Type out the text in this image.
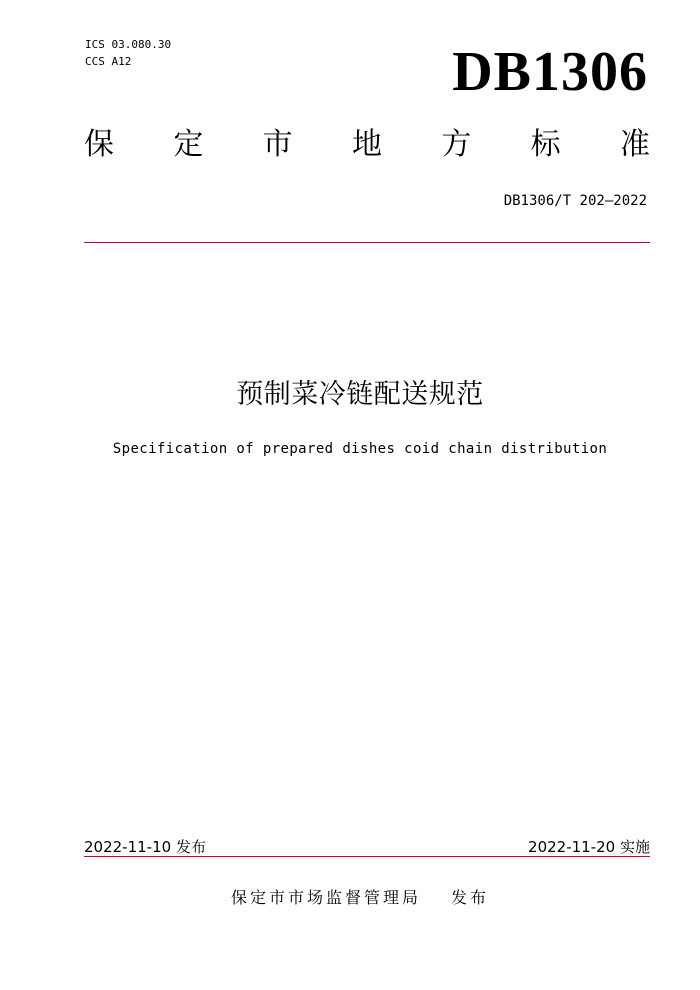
ICS 03.080.30
CCS A12	DB1306
保 定 市 地 方 标 准
DB1306/T 202—2022
预制菜冷链配送规范
Specification of prepared dishes coid chain distribution
2022-11-10 发布	2022-11-20 实施
保定市市场监督管理局 发布
